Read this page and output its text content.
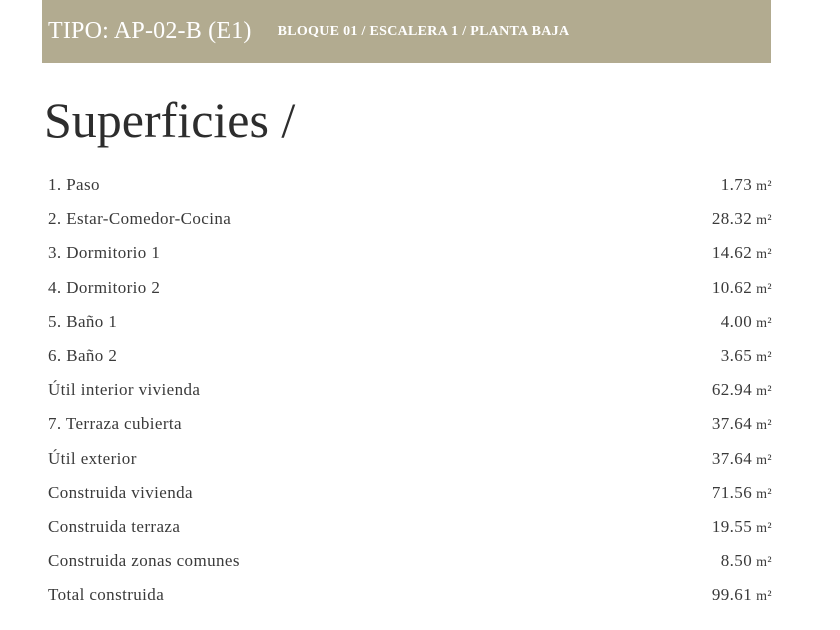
TIPO: AP-02-B (E1) BLOQUE 01 / ESCALERA 1 / PLANTA BAJA
Superficies /
1. Paso	1.73 m²
2. Estar-Comedor-Cocina	28.32 m²
3. Dormitorio 1	14.62 m²
4. Dormitorio 2	10.62 m²
5. Baño 1	4.00 m²
6. Baño 2	3.65 m²
Útil interior vivienda	62.94 m²
7. Terraza cubierta	37.64 m²
Útil exterior	37.64 m²
Construida vivienda	71.56 m²
Construida terraza	19.55 m²
Construida zonas comunes	8.50 m²
Total construida	99.61 m²
